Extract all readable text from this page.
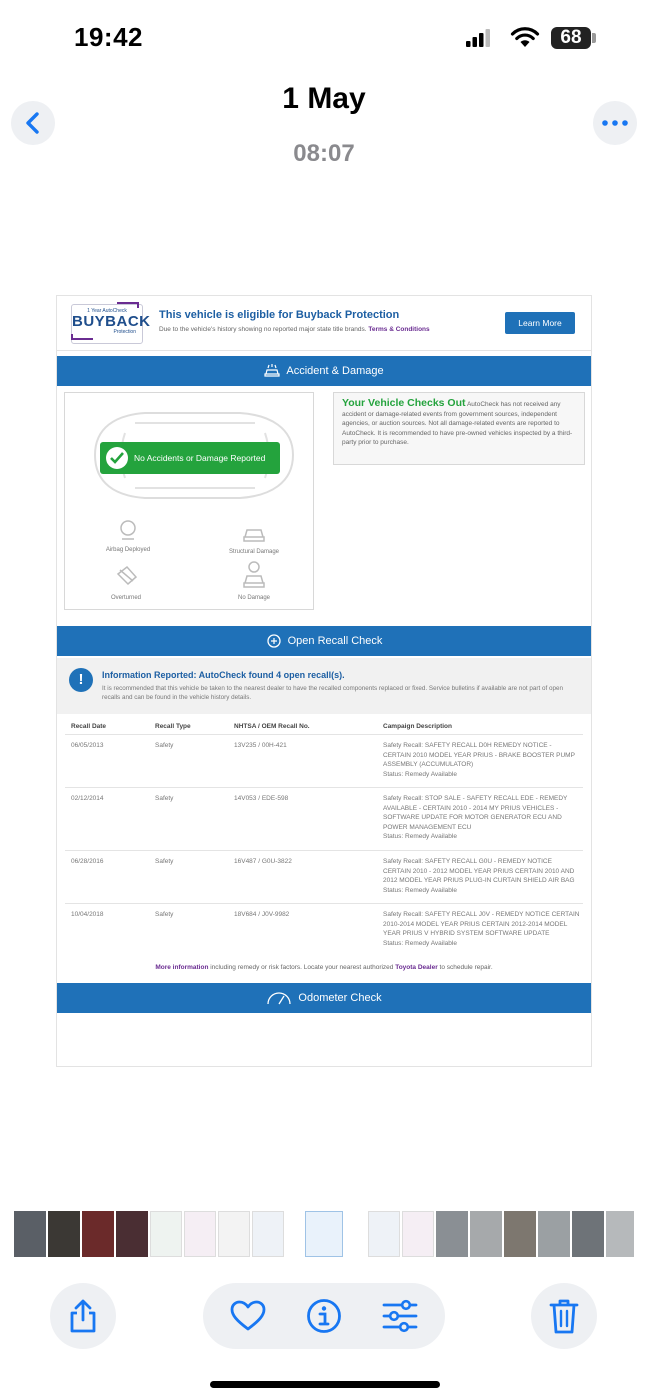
19:42	68
1 May
08:07
1 Year AutoCheck
BUYBACK
Protection
This vehicle is eligible for Buyback Protection
Due to the vehicle's history showing no reported major state title brands. Terms & Conditions
Learn More
Accident & Damage
No Accidents or Damage Reported
Airbag Deployed	Structural Damage
Overturned	No Damage
Your Vehicle Checks Out AutoCheck has not received any accident or damage-related events from government sources, independent agencies, or auction sources. Not all damage-related events are reported to AutoCheck. It is recommended to have pre-owned vehicles inspected by a third-party prior to purchase.
Open Recall Check
!	Information Reported: AutoCheck found 4 open recall(s).
It is recommended that this vehicle be taken to the nearest dealer to have the recalled components replaced or fixed. Service bulletins if available are not part of open recalls and can be found in the vehicle history details.
Recall Date	Recall Type	NHTSA / OEM Recall No.	Campaign Description
06/05/2013	Safety	13V235 / 00H-421	Safety Recall: SAFETY RECALL D0H REMEDY NOTICE - CERTAIN 2010 MODEL YEAR PRIUS - BRAKE BOOSTER PUMP ASSEMBLY (ACCUMULATOR)
Status: Remedy Available
02/12/2014	Safety	14V053 / EDE-598	Safety Recall: STOP SALE - SAFETY RECALL EDE - REMEDY AVAILABLE - CERTAIN 2010 - 2014 MY PRIUS VEHICLES - SOFTWARE UPDATE FOR MOTOR GENERATOR ECU AND POWER MANAGEMENT ECU
Status: Remedy Available
06/28/2016	Safety	16V487 / G0U-3822	Safety Recall: SAFETY RECALL G0U - REMEDY NOTICE CERTAIN 2010 - 2012 MODEL YEAR PRIUS CERTAIN 2010 AND 2012 MODEL YEAR PRIUS PLUG-IN CURTAIN SHIELD AIR BAG
Status: Remedy Available
10/04/2018	Safety	18V684 / J0V-9982	Safety Recall: SAFETY RECALL J0V - REMEDY NOTICE CERTAIN 2010-2014 MODEL YEAR PRIUS CERTAIN 2012-2014 MODEL YEAR PRIUS V HYBRID SYSTEM SOFTWARE UPDATE
Status: Remedy Available
More information including remedy or risk factors. Locate your nearest authorized Toyota Dealer to schedule repair.
Odometer Check
